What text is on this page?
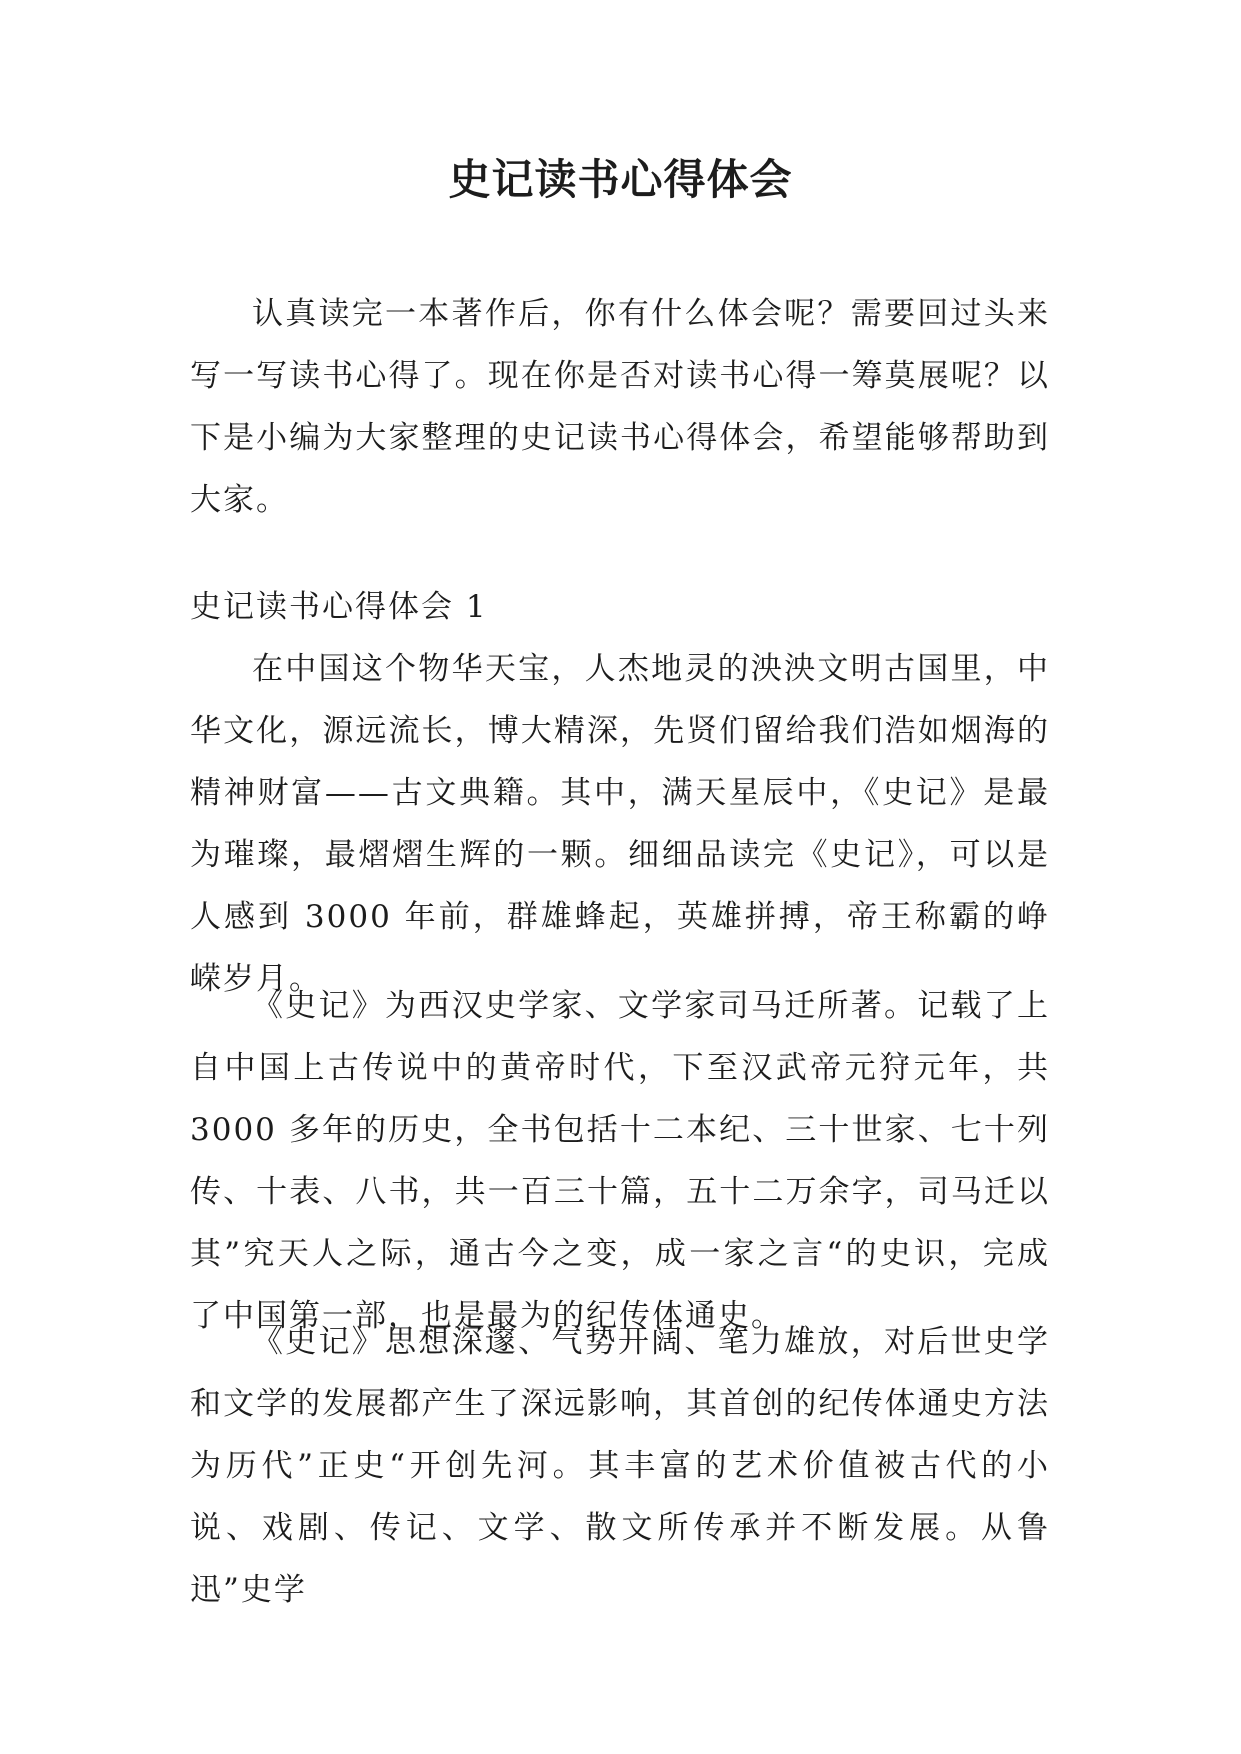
史记读书心得体会

认真读完一本著作后，你有什么体会呢？需要回过头来写一写读书心得了。现在你是否对读书心得一筹莫展呢？以下是小编为大家整理的史记读书心得体会，希望能够帮助到大家。

史记读书心得体会 1

在中国这个物华天宝，人杰地灵的泱泱文明古国里，中华文化，源远流长，博大精深，先贤们留给我们浩如烟海的精神财富——古文典籍。其中，满天星辰中，《史记》是最为璀璨，最熠熠生辉的一颗。细细品读完《史记》，可以是人感到 3000 年前，群雄蜂起，英雄拼搏，帝王称霸的峥嵘岁月。

《史记》为西汉史学家、文学家司马迁所著。记载了上自中国上古传说中的黄帝时代，下至汉武帝元狩元年，共 3000 多年的历史，全书包括十二本纪、三十世家、七十列传、十表、八书，共一百三十篇，五十二万余字，司马迁以其”究天人之际，通古今之变，成一家之言“的史识，完成了中国第一部，也是最为的纪传体通史。

《史记》思想深邃、气势开阔、笔力雄放，对后世史学和文学的发展都产生了深远影响，其首创的纪传体通史方法为历代”正史“开创先河。其丰富的艺术价值被古代的小说、戏剧、传记、文学、散文所传承并不断发展。从鲁迅”史学
